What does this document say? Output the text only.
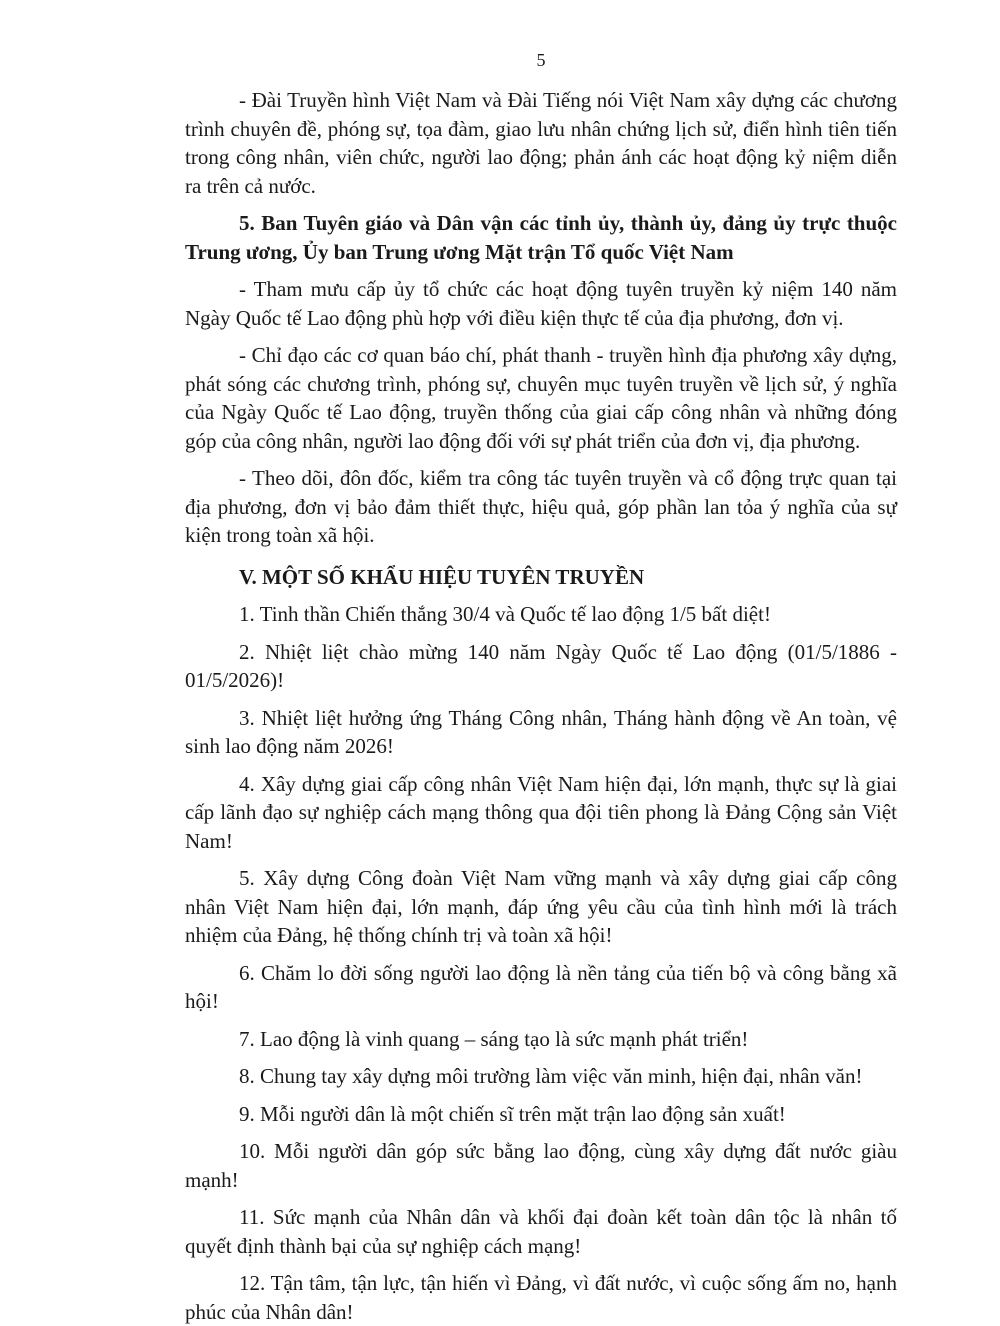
5

- Đài Truyền hình Việt Nam và Đài Tiếng nói Việt Nam xây dựng các chương trình chuyên đề, phóng sự, tọa đàm, giao lưu nhân chứng lịch sử, điển hình tiên tiến trong công nhân, viên chức, người lao động; phản ánh các hoạt động kỷ niệm diễn ra trên cả nước.

5. Ban Tuyên giáo và Dân vận các tỉnh ủy, thành ủy, đảng ủy trực thuộc Trung ương, Ủy ban Trung ương Mặt trận Tổ quốc Việt Nam

- Tham mưu cấp ủy tổ chức các hoạt động tuyên truyền kỷ niệm 140 năm Ngày Quốc tế Lao động phù hợp với điều kiện thực tế của địa phương, đơn vị.

- Chỉ đạo các cơ quan báo chí, phát thanh - truyền hình địa phương xây dựng, phát sóng các chương trình, phóng sự, chuyên mục tuyên truyền về lịch sử, ý nghĩa của Ngày Quốc tế Lao động, truyền thống của giai cấp công nhân và những đóng góp của công nhân, người lao động đối với sự phát triển của đơn vị, địa phương.

- Theo dõi, đôn đốc, kiểm tra công tác tuyên truyền và cổ động trực quan tại địa phương, đơn vị bảo đảm thiết thực, hiệu quả, góp phần lan tỏa ý nghĩa của sự kiện trong toàn xã hội.

V. MỘT SỐ KHẨU HIỆU TUYÊN TRUYỀN

1. Tinh thần Chiến thắng 30/4 và Quốc tế lao động 1/5 bất diệt!

2. Nhiệt liệt chào mừng 140 năm Ngày Quốc tế Lao động (01/5/1886 - 01/5/2026)!

3. Nhiệt liệt hưởng ứng Tháng Công nhân, Tháng hành động về An toàn, vệ sinh lao động năm 2026!

4. Xây dựng giai cấp công nhân Việt Nam hiện đại, lớn mạnh, thực sự là giai cấp lãnh đạo sự nghiệp cách mạng thông qua đội tiên phong là Đảng Cộng sản Việt Nam!

5. Xây dựng Công đoàn Việt Nam vững mạnh và xây dựng giai cấp công nhân Việt Nam hiện đại, lớn mạnh, đáp ứng yêu cầu của tình hình mới là trách nhiệm của Đảng, hệ thống chính trị và toàn xã hội!

6. Chăm lo đời sống người lao động là nền tảng của tiến bộ và công bằng xã hội!

7. Lao động là vinh quang – sáng tạo là sức mạnh phát triển!

8. Chung tay xây dựng môi trường làm việc văn minh, hiện đại, nhân văn!

9. Mỗi người dân là một chiến sĩ trên mặt trận lao động sản xuất!

10. Mỗi người dân góp sức bằng lao động, cùng xây dựng đất nước giàu mạnh!

11. Sức mạnh của Nhân dân và khối đại đoàn kết toàn dân tộc là nhân tố quyết định thành bại của sự nghiệp cách mạng!

12. Tận tâm, tận lực, tận hiến vì Đảng, vì đất nước, vì cuộc sống ấm no, hạnh phúc của Nhân dân!
